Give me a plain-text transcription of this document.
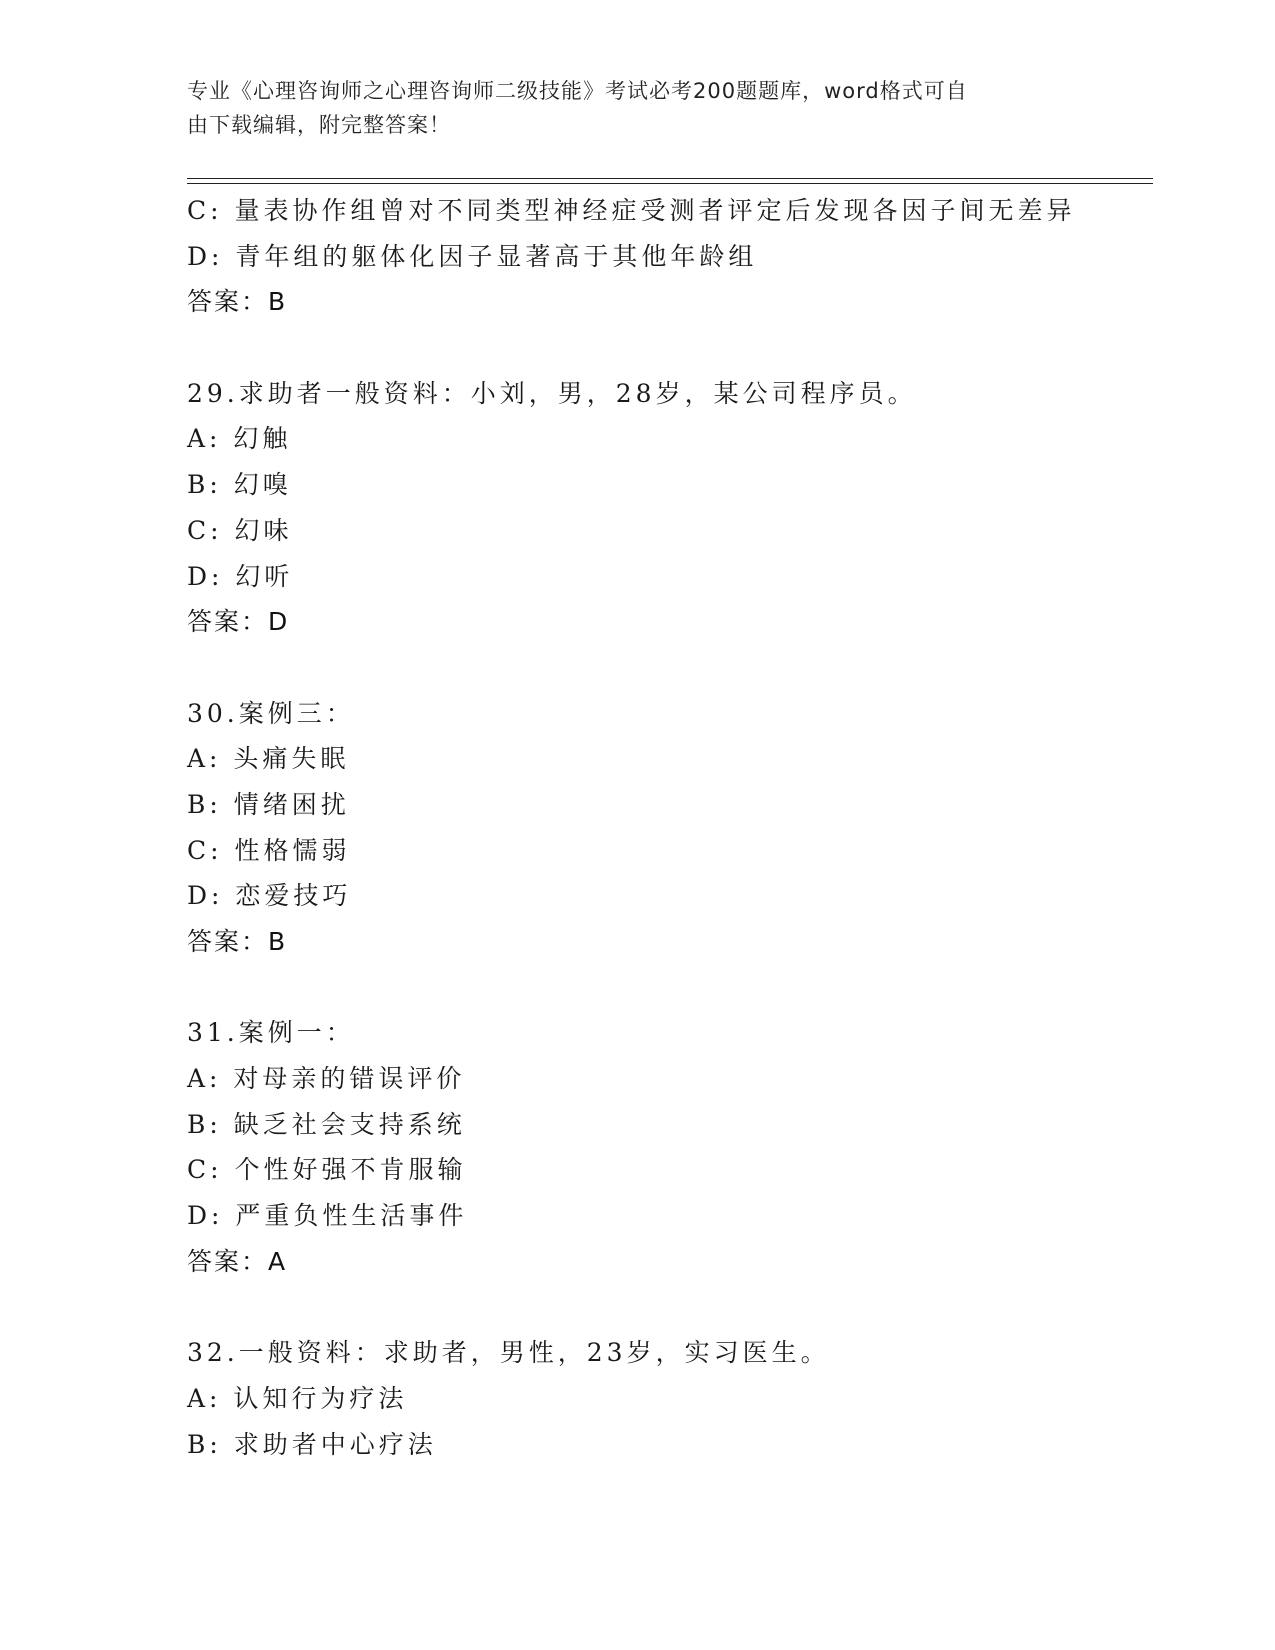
专业《心理咨询师之心理咨询师二级技能》考试必考200题题库，word格式可自
由下载编辑，附完整答案！
C: 量表协作组曾对不同类型神经症受测者评定后发现各因子间无差异
D: 青年组的躯体化因子显著高于其他年龄组
答案：B
29.求助者一般资料：小刘，男，28岁，某公司程序员。
A: 幻触
B: 幻嗅
C: 幻味
D: 幻听
答案：D
30.案例三：
A: 头痛失眠
B: 情绪困扰
C: 性格懦弱
D: 恋爱技巧
答案：B
31.案例一：
A: 对母亲的错误评价
B: 缺乏社会支持系统
C: 个性好强不肯服输
D: 严重负性生活事件
答案：A
32.一般资料：求助者，男性，23岁，实习医生。
A: 认知行为疗法
B: 求助者中心疗法
